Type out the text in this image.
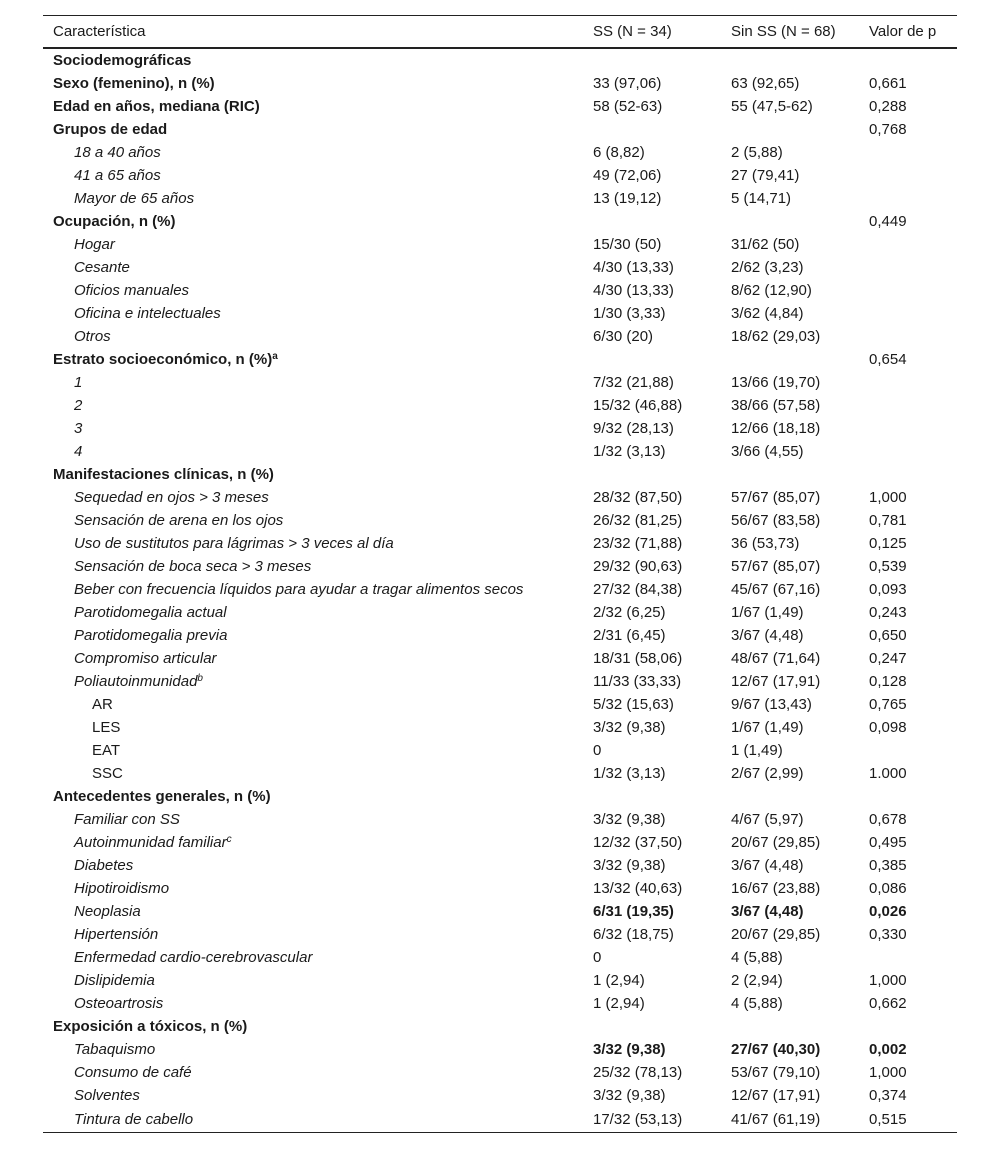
Característica	SS (N = 34)	Sin SS (N = 68)	Valor de p
Sociodemográficas			
Sexo (femenino), n (%)	33 (97,06)	63 (92,65)	0,661
Edad en años, mediana (RIC)	58 (52-63)	55 (47,5-62)	0,288
Grupos de edad			0,768
18 a 40 años	6 (8,82)	2 (5,88)	
41 a 65 años	49 (72,06)	27 (79,41)	
Mayor de 65 años	13 (19,12)	5 (14,71)	
Ocupación, n (%)			0,449
Hogar	15/30 (50)	31/62 (50)	
Cesante	4/30 (13,33)	2/62 (3,23)	
Oficios manuales	4/30 (13,33)	8/62 (12,90)	
Oficina e intelectuales	1/30 (3,33)	3/62 (4,84)	
Otros	6/30 (20)	18/62 (29,03)	
Estrato socioeconómico, n (%)$^a$			0,654
1	7/32 (21,88)	13/66 (19,70)	
2	15/32 (46,88)	38/66 (57,58)	
3	9/32 (28,13)	12/66 (18,18)	
4	1/32 (3,13)	3/66 (4,55)	
Manifestaciones clínicas, n (%)			
Sequedad en ojos > 3 meses	28/32 (87,50)	57/67 (85,07)	1,000
Sensación de arena en los ojos	26/32 (81,25)	56/67 (83,58)	0,781
Uso de sustitutos para lágrimas > 3 veces al día	23/32 (71,88)	36 (53,73)	0,125
Sensación de boca seca > 3 meses	29/32 (90,63)	57/67 (85,07)	0,539
Beber con frecuencia líquidos para ayudar a tragar alimentos secos	27/32 (84,38)	45/67 (67,16)	0,093
Parotidomegalia actual	2/32 (6,25)	1/67 (1,49)	0,243
Parotidomegalia previa	2/31 (6,45)	3/67 (4,48)	0,650
Compromiso articular	18/31 (58,06)	48/67 (71,64)	0,247
Poliautoinmunidad$^b$	11/33 (33,33)	12/67 (17,91)	0,128
AR	5/32 (15,63)	9/67 (13,43)	0,765
LES	3/32 (9,38)	1/67 (1,49)	0,098
EAT	0	1 (1,49)	
SSC	1/32 (3,13)	2/67 (2,99)	1.000
Antecedentes generales, n (%)			
Familiar con SS	3/32 (9,38)	4/67 (5,97)	0,678
Autoinmunidad familiar$^c$	12/32 (37,50)	20/67 (29,85)	0,495
Diabetes	3/32 (9,38)	3/67 (4,48)	0,385
Hipotiroidismo	13/32 (40,63)	16/67 (23,88)	0,086
Neoplasia	6/31 (19,35)	3/67 (4,48)	0,026
Hipertensión	6/32 (18,75)	20/67 (29,85)	0,330
Enfermedad cardio-cerebrovascular	0	4 (5,88)	
Dislipidemia	1 (2,94)	2 (2,94)	1,000
Osteoartrosis	1 (2,94)	4 (5,88)	0,662
Exposición a tóxicos, n (%)			
Tabaquismo	3/32 (9,38)	27/67 (40,30)	0,002
Consumo de café	25/32 (78,13)	53/67 (79,10)	1,000
Solventes	3/32 (9,38)	12/67 (17,91)	0,374
Tintura de cabello	17/32 (53,13)	41/67 (61,19)	0,515
